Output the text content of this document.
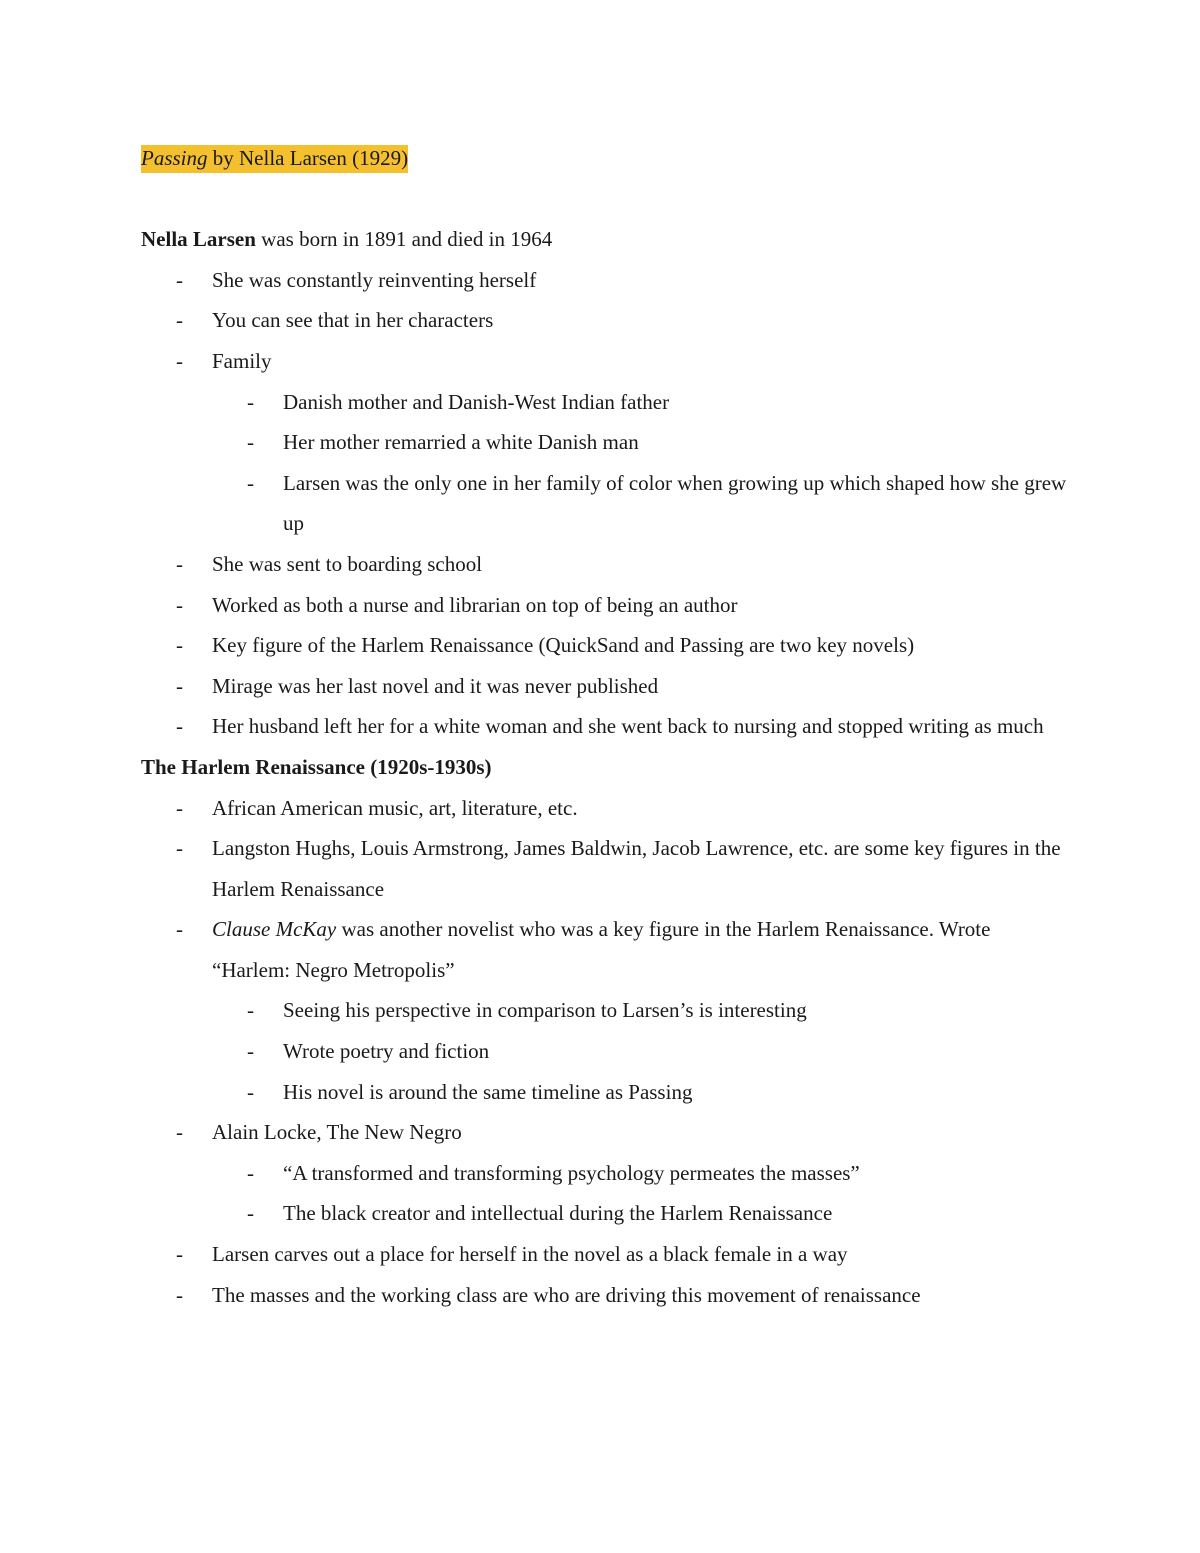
Passing by Nella Larsen (1929)

Nella Larsen was born in 1891 and died in 1964

- She was constantly reinventing herself
- You can see that in her characters
- Family
- Danish mother and Danish-West Indian father
- Her mother remarried a white Danish man
- Larsen was the only one in her family of color when growing up which shaped how she grew up
- She was sent to boarding school
- Worked as both a nurse and librarian on top of being an author
- Key figure of the Harlem Renaissance (QuickSand and Passing are two key novels)
- Mirage was her last novel and it was never published
- Her husband left her for a white woman and she went back to nursing and stopped writing as much

The Harlem Renaissance (1920s-1930s)

- African American music, art, literature, etc.
- Langston Hughs, Louis Armstrong, James Baldwin, Jacob Lawrence, etc. are some key figures in the Harlem Renaissance
- Clause McKay was another novelist who was a key figure in the Harlem Renaissance. Wrote “Harlem: Negro Metropolis”
- Seeing his perspective in comparison to Larsen’s is interesting
- Wrote poetry and fiction
- His novel is around the same timeline as Passing
- Alain Locke, The New Negro
- “A transformed and transforming psychology permeates the masses”
- The black creator and intellectual during the Harlem Renaissance
- Larsen carves out a place for herself in the novel as a black female in a way
- The masses and the working class are who are driving this movement of renaissance
